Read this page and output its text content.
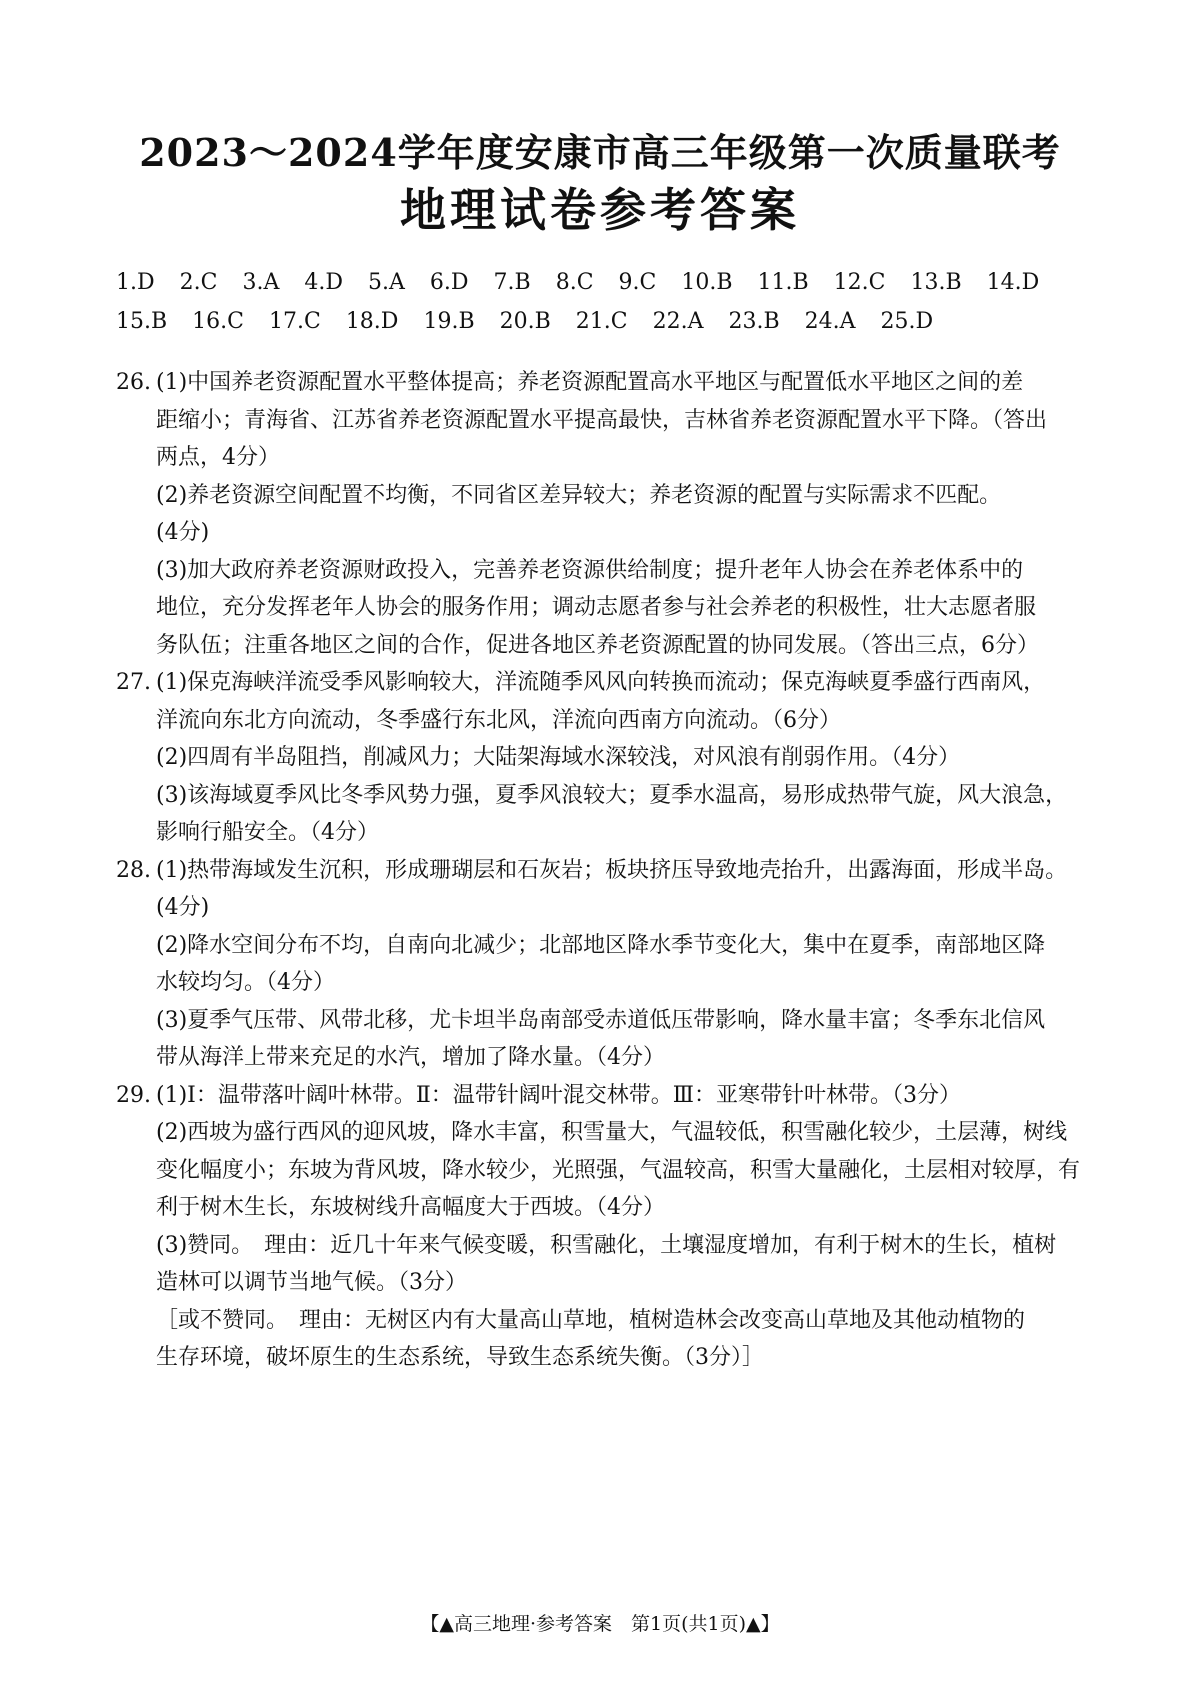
2023～2024学年度安康市高三年级第一次质量联考
地理试卷参考答案
1.D 2.C 3.A 4.D 5.A 6.D 7.B 8.C 9.C 10.B 11.B 12.C 13.B 14.D
15.B 16.C 17.C 18.D 19.B 20.B 21.C 22.A 23.B 24.A 25.D
26. (1)中国养老资源配置水平整体提高；养老资源配置高水平地区与配置低水平地区之间的差
距缩小；青海省、江苏省养老资源配置水平提高最快，吉林省养老资源配置水平下降。（答出
两点，4分）
(2)养老资源空间配置不均衡，不同省区差异较大；养老资源的配置与实际需求不匹配。
(4分)
(3)加大政府养老资源财政投入，完善养老资源供给制度；提升老年人协会在养老体系中的
地位，充分发挥老年人协会的服务作用；调动志愿者参与社会养老的积极性，壮大志愿者服
务队伍；注重各地区之间的合作，促进各地区养老资源配置的协同发展。（答出三点，6分）
27. (1)保克海峡洋流受季风影响较大，洋流随季风风向转换而流动；保克海峡夏季盛行西南风，
洋流向东北方向流动，冬季盛行东北风，洋流向西南方向流动。（6分）
(2)四周有半岛阻挡，削减风力；大陆架海域水深较浅，对风浪有削弱作用。（4分）
(3)该海域夏季风比冬季风势力强，夏季风浪较大；夏季水温高，易形成热带气旋，风大浪急，
影响行船安全。（4分）
28. (1)热带海域发生沉积，形成珊瑚层和石灰岩；板块挤压导致地壳抬升，出露海面，形成半岛。
(4分)
(2)降水空间分布不均，自南向北减少；北部地区降水季节变化大，集中在夏季，南部地区降
水较均匀。（4分）
(3)夏季气压带、风带北移，尤卡坦半岛南部受赤道低压带影响，降水量丰富；冬季东北信风
带从海洋上带来充足的水汽，增加了降水量。（4分）
29. (1)Ⅰ：温带落叶阔叶林带。Ⅱ：温带针阔叶混交林带。Ⅲ：亚寒带针叶林带。（3分）
(2)西坡为盛行西风的迎风坡，降水丰富，积雪量大，气温较低，积雪融化较少，土层薄，树线
变化幅度小；东坡为背风坡，降水较少，光照强，气温较高，积雪大量融化，土层相对较厚，有
利于树木生长，东坡树线升高幅度大于西坡。（4分）
(3)赞同。　理由：近几十年来气候变暖，积雪融化，土壤湿度增加，有利于树木的生长，植树
造林可以调节当地气候。（3分）
［或不赞同。　理由：无树区内有大量高山草地，植树造林会改变高山草地及其他动植物的
生存环境，破坏原生的生态系统，导致生态系统失衡。（3分）］
【▲高三地理·参考答案　第1页(共1页)▲】
